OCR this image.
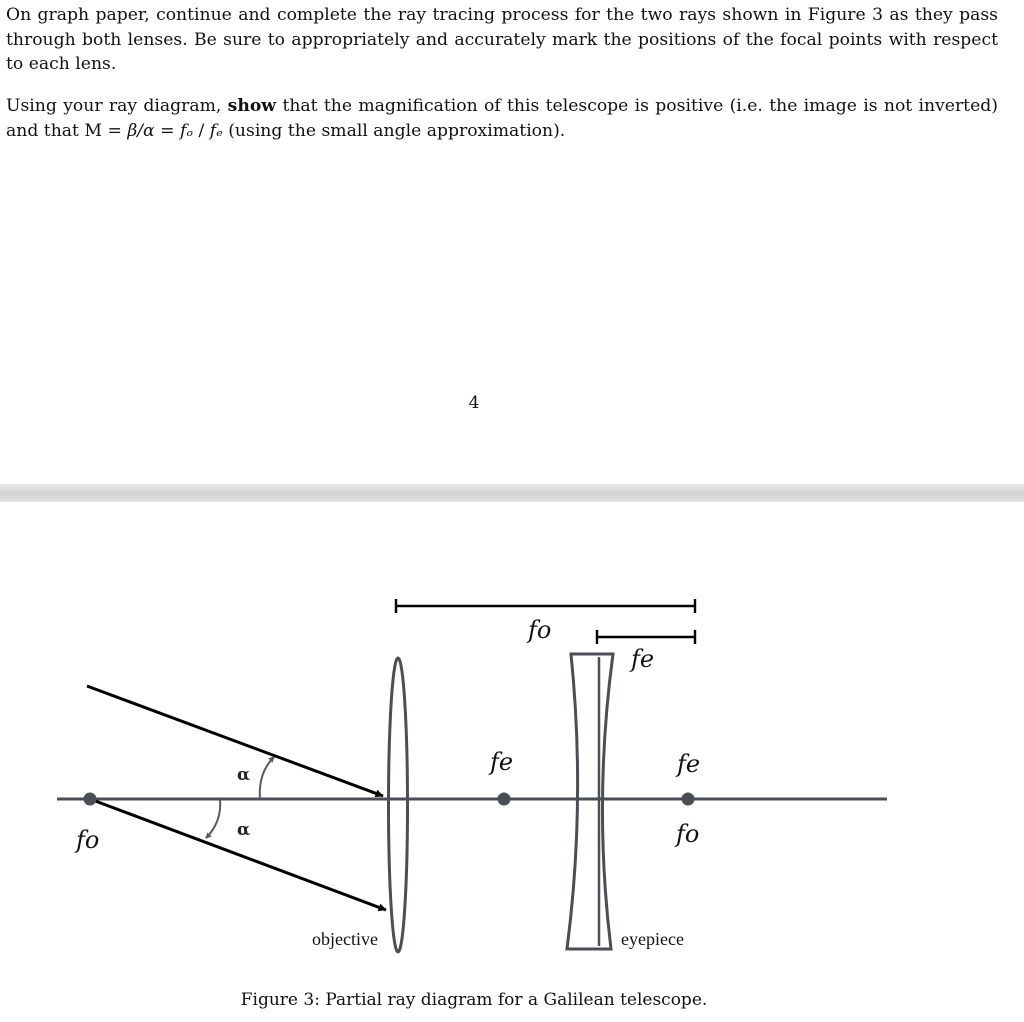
On graph paper, continue and complete the ray tracing process for the two rays shown in Figure 3 as they pass through both lenses. Be sure to appropriately and accurately mark the positions of the focal points with respect to each lens.

Using your ray diagram, show that the magnification of this telescope is positive (i.e. the image is not inverted) and that M = β/α = fₒ / fₑ (using the small angle approximation).

4
fo
fe
fe	fe
fo
fo
α
α
objective	eyepiece
Figure 3: Partial ray diagram for a Galilean telescope.
